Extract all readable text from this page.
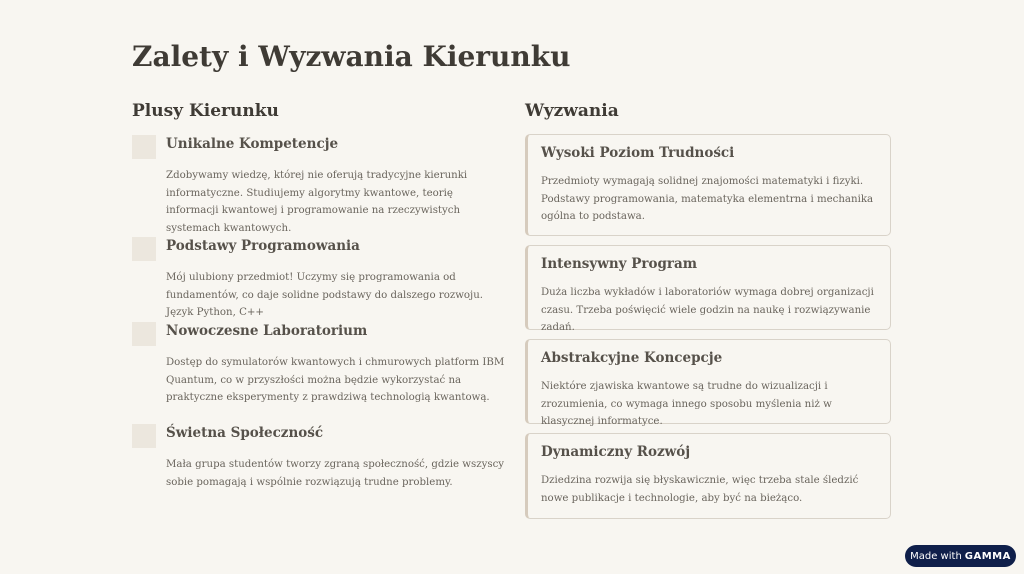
Zalety i Wyzwania Kierunku
Plusy Kierunku	Wyzwania
Unikalne Kompetencje
Zdobywamy wiedzę, której nie oferują tradycyjne kierunki informatyczne. Studiujemy algorytmy kwantowe, teorię informacji kwantowej i programowanie na rzeczywistych systemach kwantowych.
Podstawy Programowania
Mój ulubiony przedmiot! Uczymy się programowania od fundamentów, co daje solidne podstawy do dalszego rozwoju. Język Python, C++
Nowoczesne Laboratorium
Dostęp do symulatorów kwantowych i chmurowych platform IBM Quantum, co w przyszłości można będzie wykorzystać na praktyczne eksperymenty z prawdziwą technologią kwantową.
Świetna Społeczność
Mała grupa studentów tworzy zgraną społeczność, gdzie wszyscy sobie pomagają i wspólnie rozwiązują trudne problemy.
Wysoki Poziom Trudności
Przedmioty wymagają solidnej znajomości matematyki i fizyki. Podstawy programowania, matematyka elementrna i mechanika ogólna to podstawa.
Intensywny Program
Duża liczba wykładów i laboratoriów wymaga dobrej organizacji czasu. Trzeba poświęcić wiele godzin na naukę i rozwiązywanie zadań.
Abstrakcyjne Koncepcje
Niektóre zjawiska kwantowe są trudne do wizualizacji i zrozumienia, co wymaga innego sposobu myślenia niż w klasycznej informatyce.
Dynamiczny Rozwój
Dziedzina rozwija się błyskawicznie, więc trzeba stale śledzić nowe publikacje i technologie, aby być na bieżąco.
Made with GAMMA
